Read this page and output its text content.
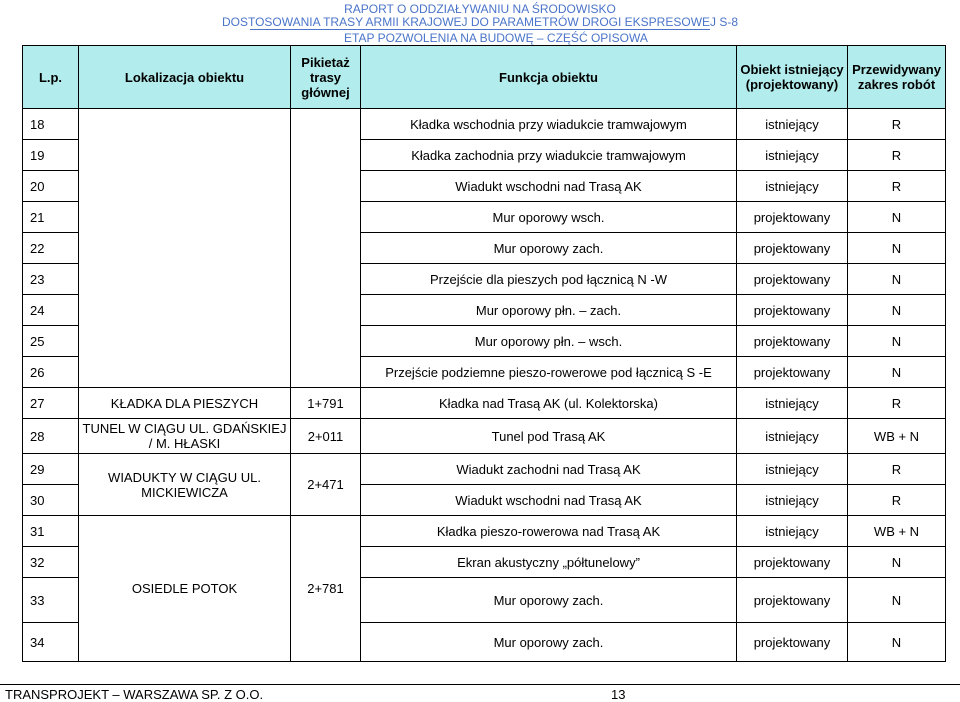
RAPORT O ODDZIAŁYWANIU NA ŚRODOWISKO
DOSTOSOWANIA TRASY ARMII KRAJOWEJ DO PARAMETRÓW DROGI EKSPRESOWEJ S-8
ETAP POZWOLENIA NA BUDOWĘ – CZĘŚĆ OPISOWA
L.p.	Lokalizacja obiektu	Pikietaż trasy głównej	Funkcja obiektu	Obiekt istniejący (projektowany)	Przewidywany zakres robót
18			Kładka wschodnia przy wiadukcie tramwajowym	istniejący	R
19			Kładka zachodnia przy wiadukcie tramwajowym	istniejący	R
20			Wiadukt wschodni nad Trasą AK	istniejący	R
21			Mur oporowy wsch.	projektowany	N
22			Mur oporowy zach.	projektowany	N
23			Przejście dla pieszych pod łącznicą N -W	projektowany	N
24			Mur oporowy płn. – zach.	projektowany	N
25			Mur oporowy płn. – wsch.	projektowany	N
26			Przejście podziemne pieszo-rowerowe pod łącznicą S -E	projektowany	N
27	KŁADKA DLA PIESZYCH	1+791	Kładka nad Trasą AK (ul. Kolektorska)	istniejący	R
28	TUNEL W CIĄGU UL. GDAŃSKIEJ / M. HŁASKI	2+011	Tunel pod Trasą AK	istniejący	WB + N
29	WIADUKTY W CIĄGU UL. MICKIEWICZA	2+471	Wiadukt zachodni nad Trasą AK	istniejący	R
30			Wiadukt wschodni nad Trasą AK	istniejący	R
31	OSIEDLE POTOK	2+781	Kładka pieszo-rowerowa nad Trasą AK	istniejący	WB + N
32			Ekran akustyczny „półtunelowy”	projektowany	N
33			Mur oporowy zach.	projektowany	N
34			Mur oporowy zach.	projektowany	N
TRANSPROJEKT – WARSZAWA SP. Z O.O.	13
